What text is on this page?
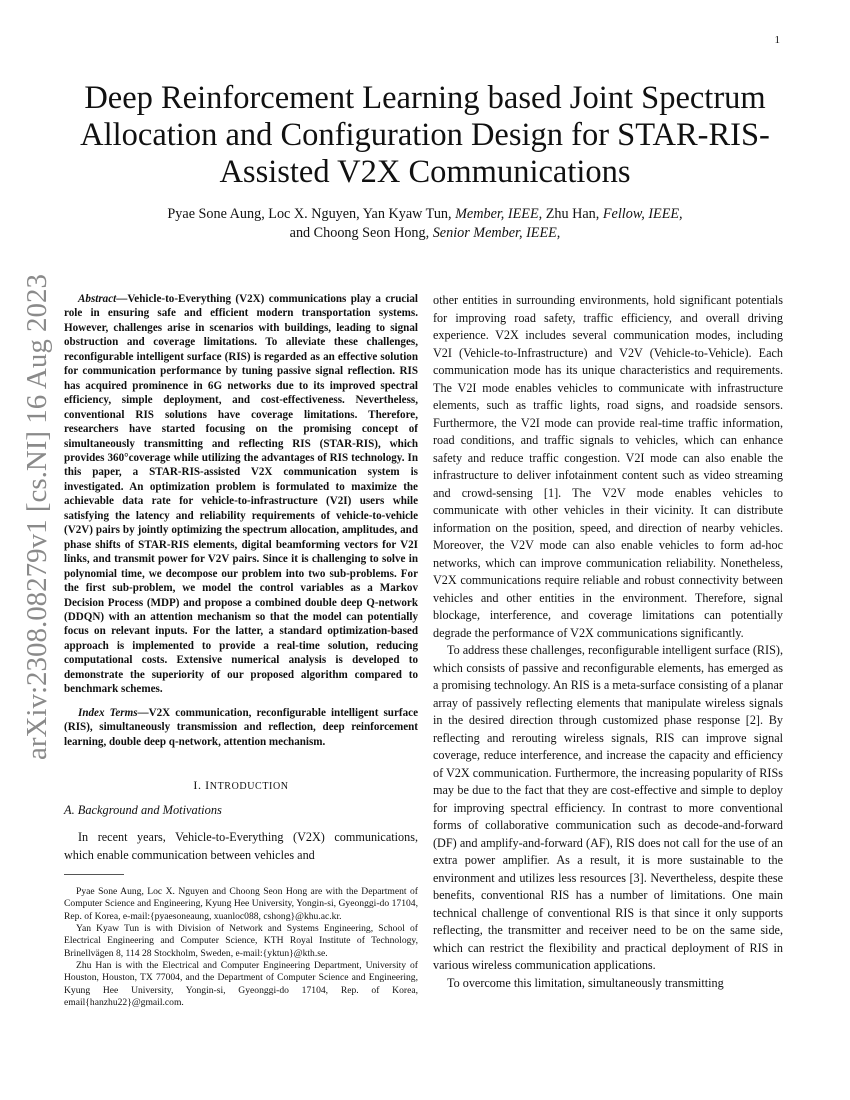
1
arXiv:2308.08279v1 [cs.NI] 16 Aug 2023
Deep Reinforcement Learning based Joint Spectrum Allocation and Configuration Design for STAR-RIS-Assisted V2X Communications
Pyae Sone Aung, Loc X. Nguyen, Yan Kyaw Tun, Member, IEEE, Zhu Han, Fellow, IEEE,
and Choong Seon Hong, Senior Member, IEEE,

Abstract—Vehicle-to-Everything (V2X) communications play a crucial role in ensuring safe and efficient modern transportation systems. However, challenges arise in scenarios with buildings, leading to signal obstruction and coverage limitations. To alleviate these challenges, reconfigurable intelligent surface (RIS) is regarded as an effective solution for communication performance by tuning passive signal reflection. RIS has acquired prominence in 6G networks due to its improved spectral efficiency, simple deployment, and cost-effectiveness. Nevertheless, conventional RIS solutions have coverage limitations. Therefore, researchers have started focusing on the promising concept of simultaneously transmitting and reflecting RIS (STAR-RIS), which provides 360°coverage while utilizing the advantages of RIS technology. In this paper, a STAR-RIS-assisted V2X communication system is investigated. An optimization problem is formulated to maximize the achievable data rate for vehicle-to-infrastructure (V2I) users while satisfying the latency and reliability requirements of vehicle-to-vehicle (V2V) pairs by jointly optimizing the spectrum allocation, amplitudes, and phase shifts of STAR-RIS elements, digital beamforming vectors for V2I links, and transmit power for V2V pairs. Since it is challenging to solve in polynomial time, we decompose our problem into two sub-problems. For the first sub-problem, we model the control variables as a Markov Decision Process (MDP) and propose a combined double deep Q-network (DDQN) with an attention mechanism so that the model can potentially focus on relevant inputs. For the latter, a standard optimization-based approach is implemented to provide a real-time solution, reducing computational costs. Extensive numerical analysis is developed to demonstrate the superiority of our proposed algorithm compared to benchmark schemes.

Index Terms—V2X communication, reconfigurable intelligent surface (RIS), simultaneously transmission and reflection, deep reinforcement learning, double deep q-network, attention mechanism.

I. INTRODUCTION
A. Background and Motivations

In recent years, Vehicle-to-Everything (V2X) communications, which enable communication between vehicles and

Pyae Sone Aung, Loc X. Nguyen and Choong Seon Hong are with the Department of Computer Science and Engineering, Kyung Hee University, Yongin-si, Gyeonggi-do 17104, Rep. of Korea, e-mail:{pyaesoneaung, xuanloc088, cshong}@khu.ac.kr.

Yan Kyaw Tun is with Division of Network and Systems Engineering, School of Electrical Engineering and Computer Science, KTH Royal Institute of Technology, Brinellvägen 8, 114 28 Stockholm, Sweden, e-mail:{yktun}@kth.se.

Zhu Han is with the Electrical and Computer Engineering Department, University of Houston, Houston, TX 77004, and the Department of Computer Science and Engineering, Kyung Hee University, Yongin-si, Gyeonggi-do 17104, Rep. of Korea, email{hanzhu22}@gmail.com.

other entities in surrounding environments, hold significant potentials for improving road safety, traffic efficiency, and overall driving experience. V2X includes several communication modes, including V2I (Vehicle-to-Infrastructure) and V2V (Vehicle-to-Vehicle). Each communication mode has its unique characteristics and requirements. The V2I mode enables vehicles to communicate with infrastructure elements, such as traffic lights, road signs, and roadside sensors. Furthermore, the V2I mode can provide real-time traffic information, road conditions, and traffic signals to vehicles, which can enhance safety and reduce traffic congestion. V2I mode can also enable the infrastructure to deliver infotainment content such as video streaming and crowd-sensing [1]. The V2V mode enables vehicles to communicate with other vehicles in their vicinity. It can distribute information on the position, speed, and direction of nearby vehicles. Moreover, the V2V mode can also enable vehicles to form ad-hoc networks, which can improve communication reliability. Nonetheless, V2X communications require reliable and robust connectivity between vehicles and other entities in the environment. Therefore, signal blockage, interference, and coverage limitations can potentially degrade the performance of V2X communications significantly.

To address these challenges, reconfigurable intelligent surface (RIS), which consists of passive and reconfigurable elements, has emerged as a promising technology. An RIS is a meta-surface consisting of a planar array of passively reflecting elements that manipulate wireless signals in the desired direction through customized phase response [2]. By reflecting and rerouting wireless signals, RIS can improve signal coverage, reduce interference, and increase the capacity and efficiency of V2X communication. Furthermore, the increasing popularity of RISs may be due to the fact that they are cost-effective and simple to deploy for improving spectral efficiency. In contrast to more conventional forms of collaborative communication such as decode-and-forward (DF) and amplify-and-forward (AF), RIS does not call for the use of an extra power amplifier. As a result, it is more sustainable to the environment and utilizes less resources [3]. Nevertheless, despite these benefits, conventional RIS has a number of limitations. One main technical challenge of conventional RIS is that since it only supports reflecting, the transmitter and receiver need to be on the same side, which can restrict the flexibility and practical deployment of RIS in various wireless communication applications.

To overcome this limitation, simultaneously transmitting
